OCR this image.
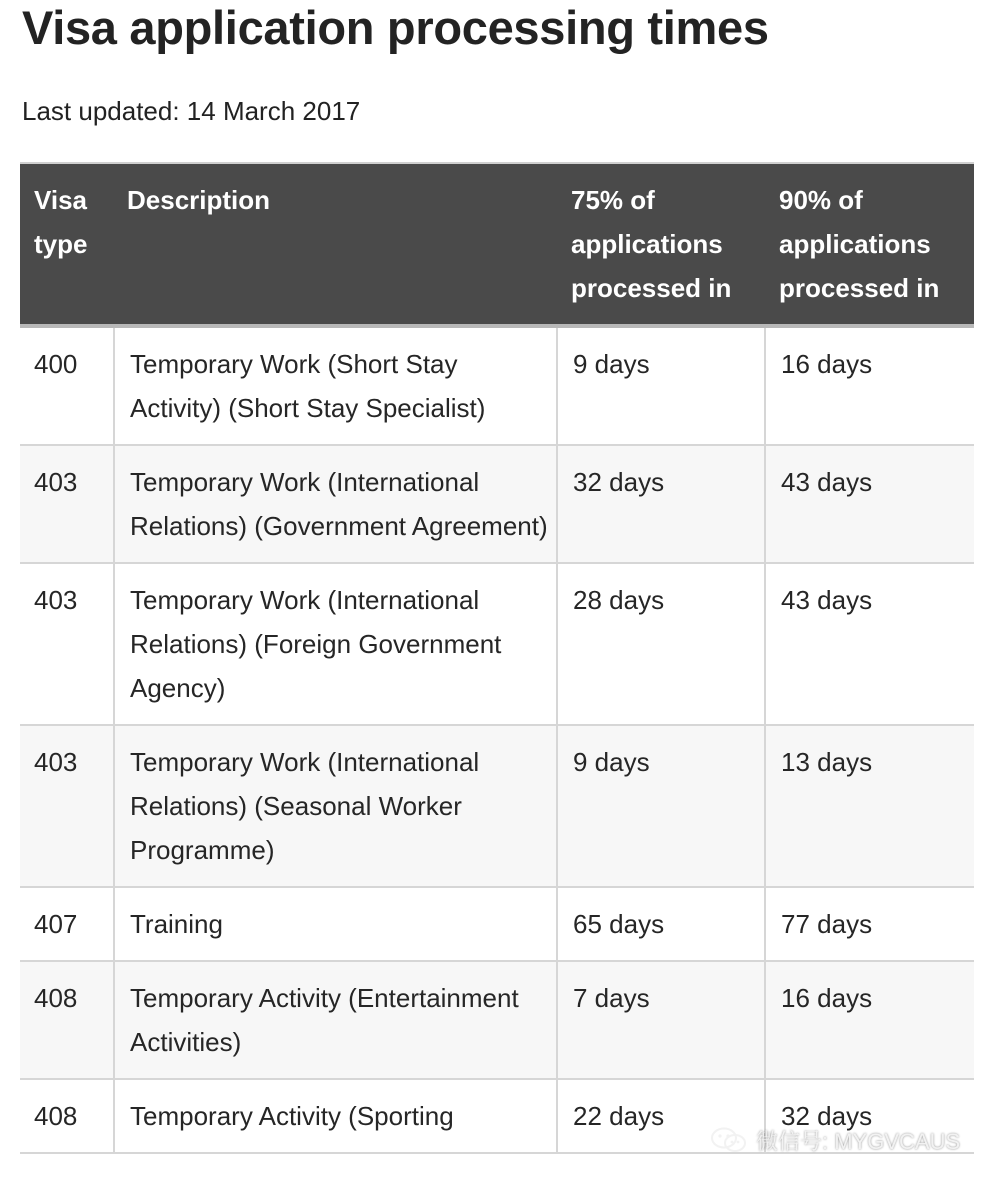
Visa application processing times

Last updated: 14 March 2017

Visa type	Description	75% of applications processed in	90% of applications processed in
400	Temporary Work (Short Stay Activity) (Short Stay Specialist)	9 days	16 days
403	Temporary Work (International Relations) (Government Agreement)	32 days	43 days
403	Temporary Work (International Relations) (Foreign Government Agency)	28 days	43 days
403	Temporary Work (International Relations) (Seasonal Worker Programme)	9 days	13 days
407	Training	65 days	77 days
408	Temporary Activity (Entertainment Activities)	7 days	16 days
408	Temporary Activity (Sporting	22 days	32 days
微信号: MYGVCAUS
